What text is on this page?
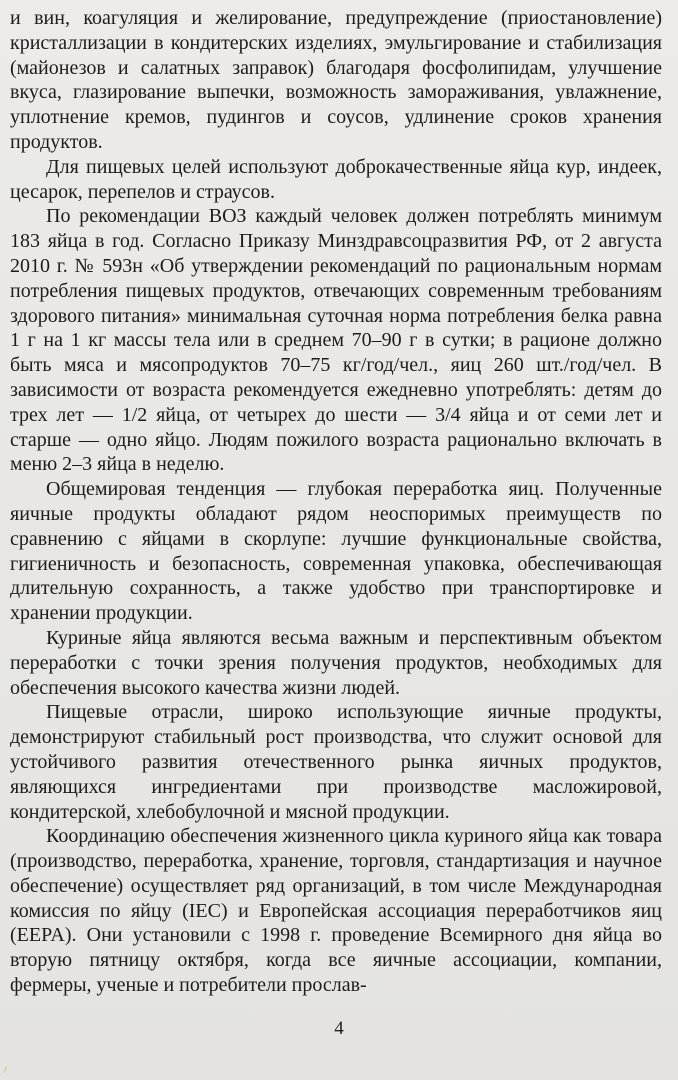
и вин, коагуляция и желирование, предупреждение (приостановление) кристаллизации в кондитерских изделиях, эмульгирование и стабилизация (майонезов и салатных заправок) благодаря фосфолипидам, улучшение вкуса, глазирование выпечки, возможность замораживания, увлажнение, уплотнение кремов, пудингов и соусов, удлинение сроков хранения продуктов.

Для пищевых целей используют доброкачественные яйца кур, индеек, цесарок, перепелов и страусов.

По рекомендации ВОЗ каждый человек должен потреблять минимум 183 яйца в год. Согласно Приказу Минздравсоцразвития РФ, от 2 августа 2010 г. № 593н «Об утверждении рекомендаций по рациональным нормам потребления пищевых продуктов, отвечающих современным требованиям здорового питания» минимальная суточная норма потребления белка равна 1 г на 1 кг массы тела или в среднем 70–90 г в сутки; в рационе должно быть мяса и мясопродуктов 70–75 кг/год/чел., яиц 260 шт./год/чел. В зависимости от возраста рекомендуется ежедневно употреблять: детям до трех лет — 1/2 яйца, от четырех до шести — 3/4 яйца и от семи лет и старше — одно яйцо. Людям пожилого возраста рационально включать в меню 2–3 яйца в неделю.

Общемировая тенденция — глубокая переработка яиц. Полученные яичные продукты обладают рядом неоспоримых преимуществ по сравнению с яйцами в скорлупе: лучшие функциональные свойства, гигиеничность и безопасность, современная упаковка, обеспечивающая длительную сохранность, а также удобство при транспортировке и хранении продукции.

Куриные яйца являются весьма важным и перспективным объектом переработки с точки зрения получения продуктов, необходимых для обеспечения высокого качества жизни людей.

Пищевые отрасли, широко использующие яичные продукты, демонстрируют стабильный рост производства, что служит основой для устойчивого развития отечественного рынка яичных продуктов, являющихся ингредиентами при производстве масложировой, кондитерской, хлебобулочной и мясной продукции.

Координацию обеспечения жизненного цикла куриного яйца как товара (производство, переработка, хранение, торговля, стандартизация и научное обеспечение) осуществляет ряд организаций, в том числе Международная комиссия по яйцу (IEC) и Европейская ассоциация переработчиков яиц (EEPA). Они установили с 1998 г. проведение Всемирного дня яйца во вторую пятницу октября, когда все яичные ассоциации, компании, фермеры, ученые и потребители прослав-

4
/
